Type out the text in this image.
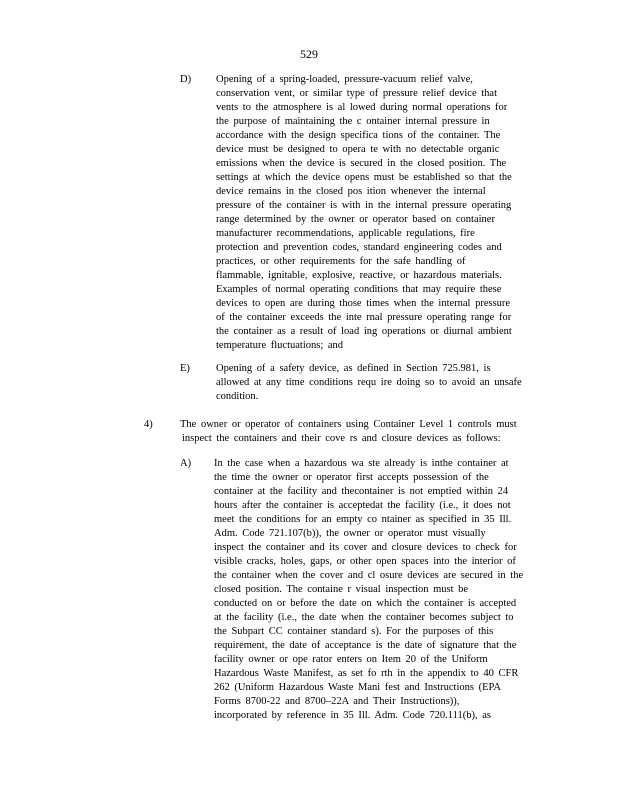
529
D) Opening of a spring-loaded, pressure-vacuum relief valve,
conservation vent, or similar type of pressure relief device that
vents to the atmosphere is al lowed during normal operations for
the purpose of maintaining the c ontainer internal pressure in
accordance with the design specifica tions of the container. The
device must be designed to opera te with no detectable organic
emissions when the device is secured in the closed position. The
settings at which the device opens must be established so that the
device remains in the closed pos ition whenever the internal
pressure of the container is with in the internal pressure operating
range determined by the owner or operator based on container
manufacturer recommendations, applicable regulations, fire
protection and prevention codes, standard engineering codes and
practices, or other requirements for the safe handling of
flammable, ignitable, explosive, reactive, or hazardous materials.
Examples of normal operating conditions that may require these
devices to open are during those times when the internal pressure
of the container exceeds the inte rnal pressure operating range for
the container as a result of load ing operations or diurnal ambient
temperature fluctuations; and
E) Opening of a safety device, as defined in Section 725.981, is
allowed at any time conditions requ ire doing so to avoid an unsafe
condition.
4)	The owner or operator of containers using Container Level 1 controls must
inspect the containers and their cove rs and closure devices as follows:
A) In the case when a hazardous wa ste already is inthe container at
the time the owner or operator first accepts possession of the
container at the facility and thecontainer is not emptied within 24
hours after the container is acceptedat the facility (i.e., it does not
meet the conditions for an empty co ntainer as specified in 35 Ill.
Adm. Code 721.107(b)), the owner or operator must visually
inspect the container and its cover and closure devices to check for
visible cracks, holes, gaps, or other open spaces into the interior of
the container when the cover and cl osure devices are secured in the
closed position. The containe r visual inspection must be
conducted on or before the date on which the container is accepted
at the facility (i.e., the date when the container becomes subject to
the Subpart CC container standard s). For the purposes of this
requirement, the date of acceptance is the date of signature that the
facility owner or ope rator enters on Item 20 of the Uniform
Hazardous Waste Manifest, as set fo rth in the appendix to 40 CFR
262 (Uniform Hazardous Waste Mani fest and Instructions (EPA
Forms 8700-22 and 8700–22A and Their Instructions)),
incorporated by reference in 35 Ill. Adm. Code 720.111(b), as
